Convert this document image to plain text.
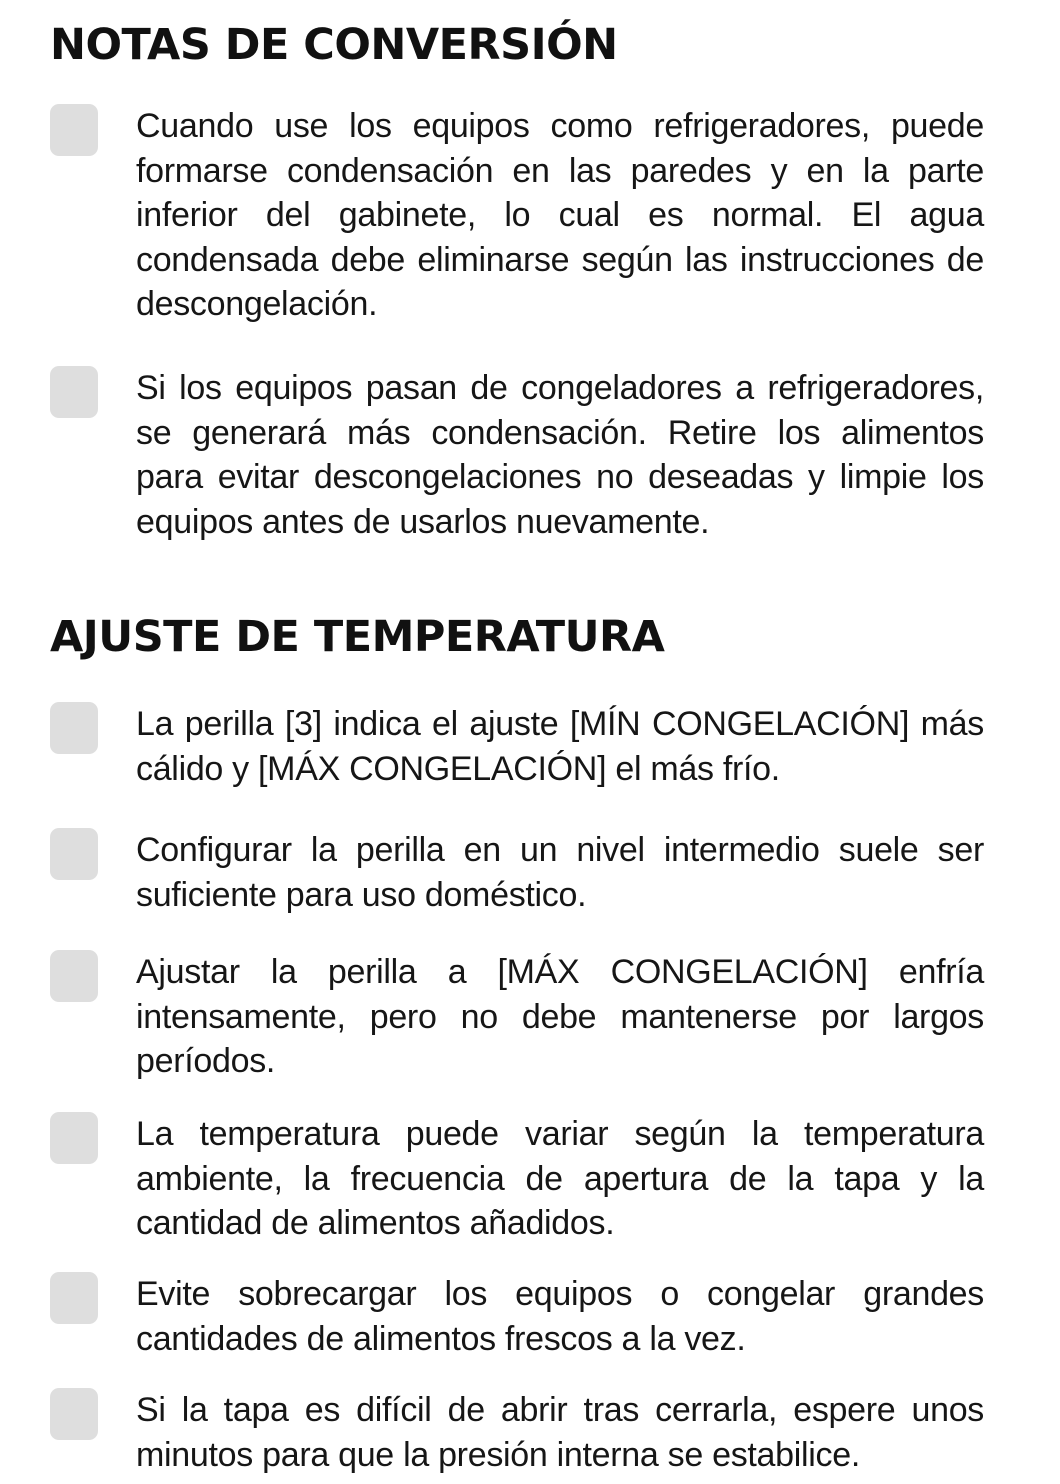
NOTAS DE CONVERSIÓN

Cuando use los equipos como refrigeradores, puede formarse condensación en las paredes y en la parte inferior del gabinete, lo cual es normal. El agua condensada debe eliminarse según las instrucciones de descongelación.

Si los equipos pasan de congeladores a refrigeradores, se generará más condensación. Retire los alimentos para evitar descongelaciones no deseadas y limpie los equipos antes de usarlos nuevamente.

AJUSTE DE TEMPERATURA

La perilla [3] indica el ajuste [MÍN CONGELACIÓN] más cálido y [MÁX CONGELACIÓN] el más frío.

Configurar la perilla en un nivel intermedio suele ser suficiente para uso doméstico.

Ajustar la perilla a [MÁX CONGELACIÓN] enfría intensamente, pero no debe mantenerse por largos períodos.

La temperatura puede variar según la temperatura ambiente, la frecuencia de apertura de la tapa y la cantidad de alimentos añadidos.

Evite sobrecargar los equipos o congelar grandes cantidades de alimentos frescos a la vez.

Si la tapa es difícil de abrir tras cerrarla, espere unos minutos para que la presión interna se estabilice.
